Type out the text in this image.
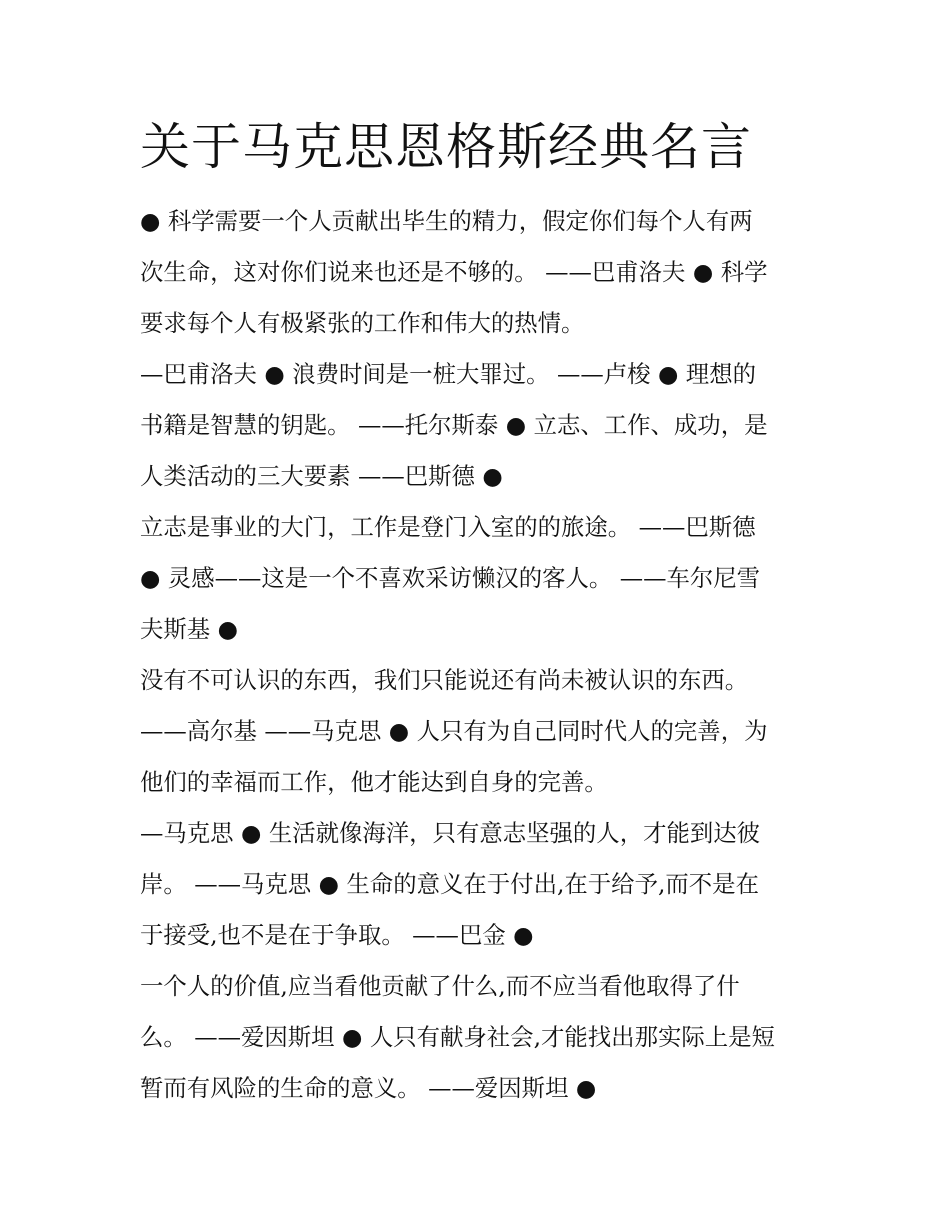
关于马克思恩格斯经典名言
● 科学需要一个人贡献出毕生的精力，假定你们每个人有两
次生命，这对你们说来也还是不够的。 ——巴甫洛夫 ● 科学
要求每个人有极紧张的工作和伟大的热情。
—巴甫洛夫 ● 浪费时间是一桩大罪过。 ——卢梭 ● 理想的
书籍是智慧的钥匙。 ——托尔斯泰 ● 立志、工作、成功，是
人类活动的三大要素 ——巴斯德 ●
立志是事业的大门，工作是登门入室的的旅途。 ——巴斯德
● 灵感——这是一个不喜欢采访懒汉的客人。 ——车尔尼雪
夫斯基 ●
没有不可认识的东西，我们只能说还有尚未被认识的东西。
——高尔基 ——马克思 ● 人只有为自己同时代人的完善，为
他们的幸福而工作，他才能达到自身的完善。
—马克思 ● 生活就像海洋，只有意志坚强的人，才能到达彼
岸。 ——马克思 ● 生命的意义在于付出,在于给予,而不是在
于接受,也不是在于争取。 ——巴金 ●
一个人的价值,应当看他贡献了什么,而不应当看他取得了什
么。 ——爱因斯坦 ● 人只有献身社会,才能找出那实际上是短
暂而有风险的生命的意义。 ——爱因斯坦 ●
